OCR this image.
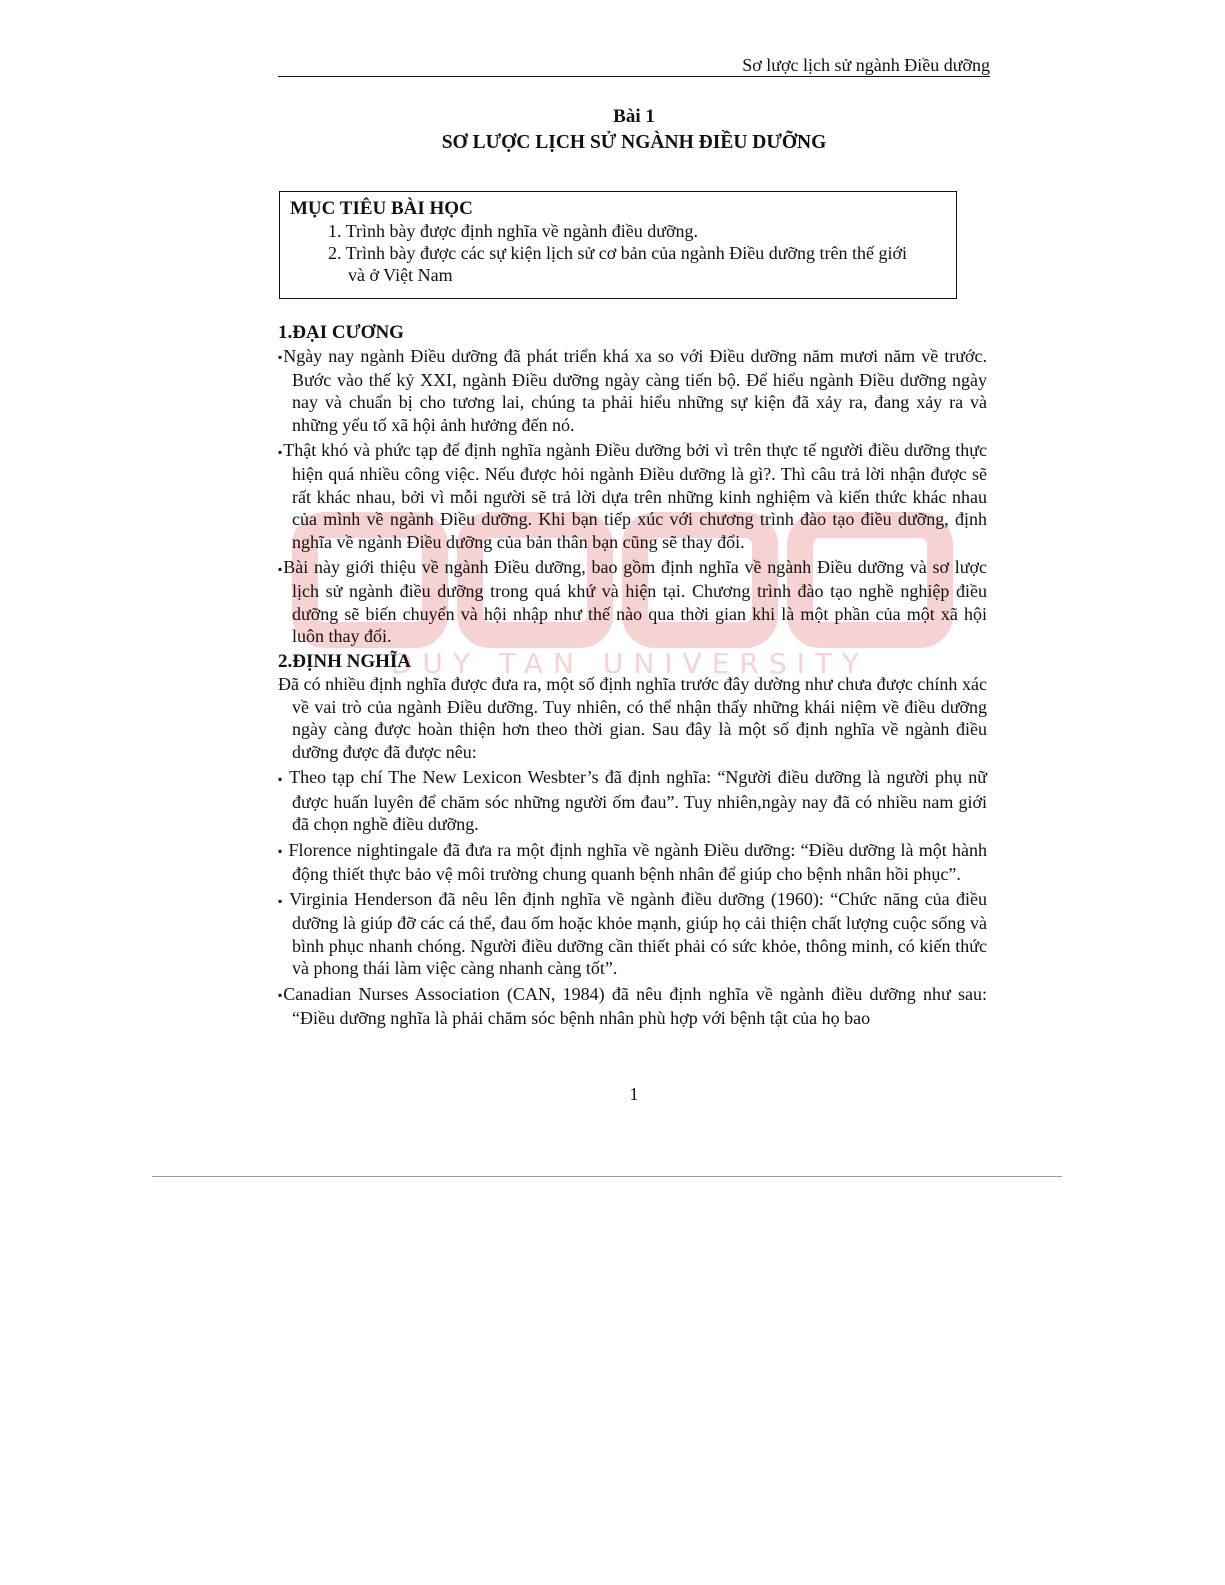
DUY TAN UNIVERSITY
Sơ lược lịch sử ngành Điều dưỡng
Bài 1
SƠ LƯỢC LỊCH SỬ NGÀNH ĐIỀU DƯỠNG
MỤC TIÊU BÀI HỌC
1. Trình bày được định nghĩa về ngành điều dưỡng.
2. Trình bày được các sự kiện lịch sử cơ bản của ngành Điều dưỡng trên thế giới và ở Việt Nam

1.ĐẠI CƯƠNG

▪Ngày nay ngành Điều dưỡng đã phát triển khá xa so với Điều dưỡng năm mươi năm về trước. Bước vào thế kỷ XXI, ngành Điều dưỡng ngày càng tiến bộ. Để hiểu ngành Điều dưỡng ngày nay và chuẩn bị cho tương lai, chúng ta phải hiểu những sự kiện đã xảy ra, đang xảy ra và những yếu tố xã hội ảnh hưởng đến nó.

▪Thật khó và phức tạp để định nghĩa ngành Điều dưỡng bởi vì trên thực tế người điều dưỡng thực hiện quá nhiều công việc. Nếu được hỏi ngành Điều dưỡng là gì?. Thì câu trả lời nhận được sẽ rất khác nhau, bởi vì mỗi người sẽ trả lời dựa trên những kinh nghiệm và kiến thức khác nhau của mình về ngành Điều dưỡng. Khi bạn tiếp xúc với chương trình đào tạo điều dưỡng, định nghĩa về ngành Điều dưỡng của bản thân bạn cũng sẽ thay đổi.

▪Bài này giới thiệu về ngành Điều dưỡng, bao gồm định nghĩa về ngành Điều dưỡng và sơ lược lịch sử ngành điều dưỡng trong quá khứ và hiện tại. Chương trình đào tạo nghề nghiệp điều dưỡng sẽ biến chuyển và hội nhập như thế nào qua thời gian khi là một phần của một xã hội luôn thay đổi.

2.ĐỊNH NGHĨA

Đã có nhiều định nghĩa được đưa ra, một số định nghĩa trước đây dường như chưa được chính xác về vai trò của ngành Điều dưỡng. Tuy nhiên, có thể nhận thấy những khái niệm về điều dưỡng ngày càng được hoàn thiện hơn theo thời gian. Sau đây là một số định nghĩa về ngành điều dưỡng được đã được nêu:

▪ Theo tạp chí The New Lexicon Wesbter’s đã định nghĩa: “Người điều dưỡng là người phụ nữ được huấn luyên để chăm sóc những người ốm đau”. Tuy nhiên,ngày nay đã có nhiều nam giới đã chọn nghề điều dưỡng.

▪ Florence nightingale đã đưa ra một định nghĩa về ngành Điều dưỡng: “Điều dưỡng là một hành động thiết thực bảo vệ môi trường chung quanh bệnh nhân để giúp cho bệnh nhân hồi phục”.

▪ Virginia Henderson đã nêu lên định nghĩa về ngành điều dưỡng (1960): “Chức năng của điều dưỡng là giúp đỡ các cá thể, đau ốm hoặc khỏe mạnh, giúp họ cải thiện chất lượng cuộc sống và bình phục nhanh chóng. Người điều dưỡng cần thiết phải có sức khỏe, thông minh, có kiến thức và phong thái làm việc càng nhanh càng tốt”.

▪Canadian Nurses Association (CAN, 1984) đã nêu định nghĩa về ngành điều dưỡng như sau: “Điều dưỡng nghĩa là phải chăm sóc bệnh nhân phù hợp với bệnh tật của họ bao

1
